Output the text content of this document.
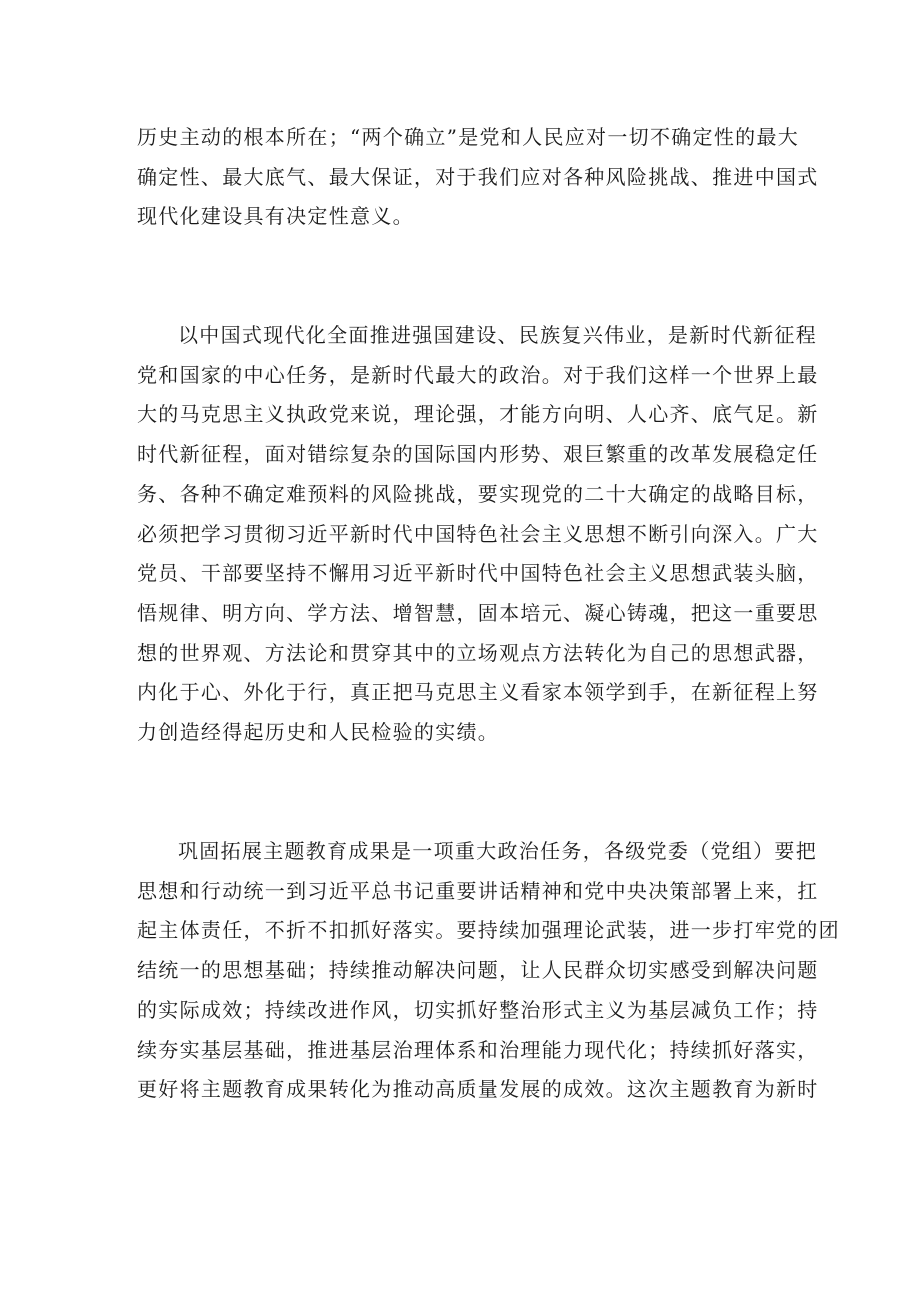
历史主动的根本所在；“两个确立”是党和人民应对一切不确定性的最大
确定性、最大底气、最大保证，对于我们应对各种风险挑战、推进中国式
现代化建设具有决定性意义。
以中国式现代化全面推进强国建设、民族复兴伟业，是新时代新征程
党和国家的中心任务，是新时代最大的政治。对于我们这样一个世界上最
大的马克思主义执政党来说，理论强，才能方向明、人心齐、底气足。新
时代新征程，面对错综复杂的国际国内形势、艰巨繁重的改革发展稳定任
务、各种不确定难预料的风险挑战，要实现党的二十大确定的战略目标，
必须把学习贯彻习近平新时代中国特色社会主义思想不断引向深入。广大
党员、干部要坚持不懈用习近平新时代中国特色社会主义思想武装头脑，
悟规律、明方向、学方法、增智慧，固本培元、凝心铸魂，把这一重要思
想的世界观、方法论和贯穿其中的立场观点方法转化为自己的思想武器，
内化于心、外化于行，真正把马克思主义看家本领学到手，在新征程上努
力创造经得起历史和人民检验的实绩。
巩固拓展主题教育成果是一项重大政治任务，各级党委（党组）要把
思想和行动统一到习近平总书记重要讲话精神和党中央决策部署上来，扛
起主体责任，不折不扣抓好落实。要持续加强理论武装，进一步打牢党的团
结统一的思想基础；持续推动解决问题，让人民群众切实感受到解决问题
的实际成效；持续改进作风，切实抓好整治形式主义为基层减负工作；持
续夯实基层基础，推进基层治理体系和治理能力现代化；持续抓好落实，
更好将主题教育成果转化为推动高质量发展的成效。这次主题教育为新时
